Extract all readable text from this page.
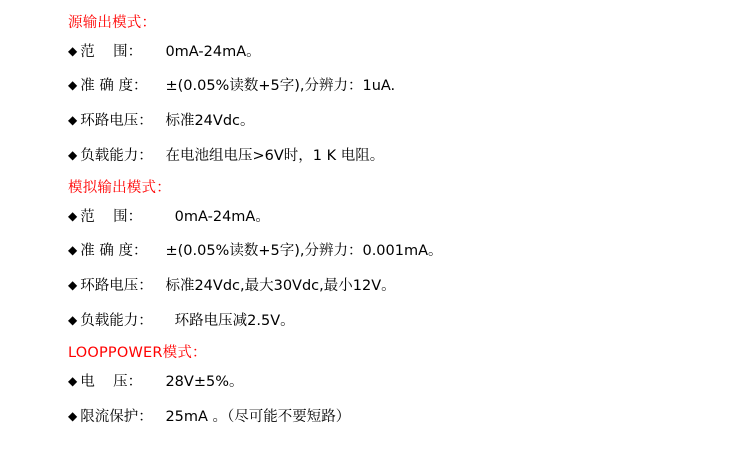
源输出模式：
◆ 范    围： 0mA-24mA。
◆ 准 确 度： ±(0.05%读数+5字),分辨力：1uA.
◆ 环路电压： 标准24Vdc。
◆ 负载能力： 在电池组电压>6V时，1 K 电阻。
模拟输出模式：
◆ 范    围： 0mA-24mA。
◆ 准 确 度： ±(0.05%读数+5字),分辨力：0.001mA。
◆ 环路电压： 标准24Vdc,最大30Vdc,最小12V。
◆ 负载能力： 环路电压减2.5V。
LOOPPOWER模式：
◆ 电    压： 28V±5%。
◆ 限流保护： 25mA 。（尽可能不要短路）
